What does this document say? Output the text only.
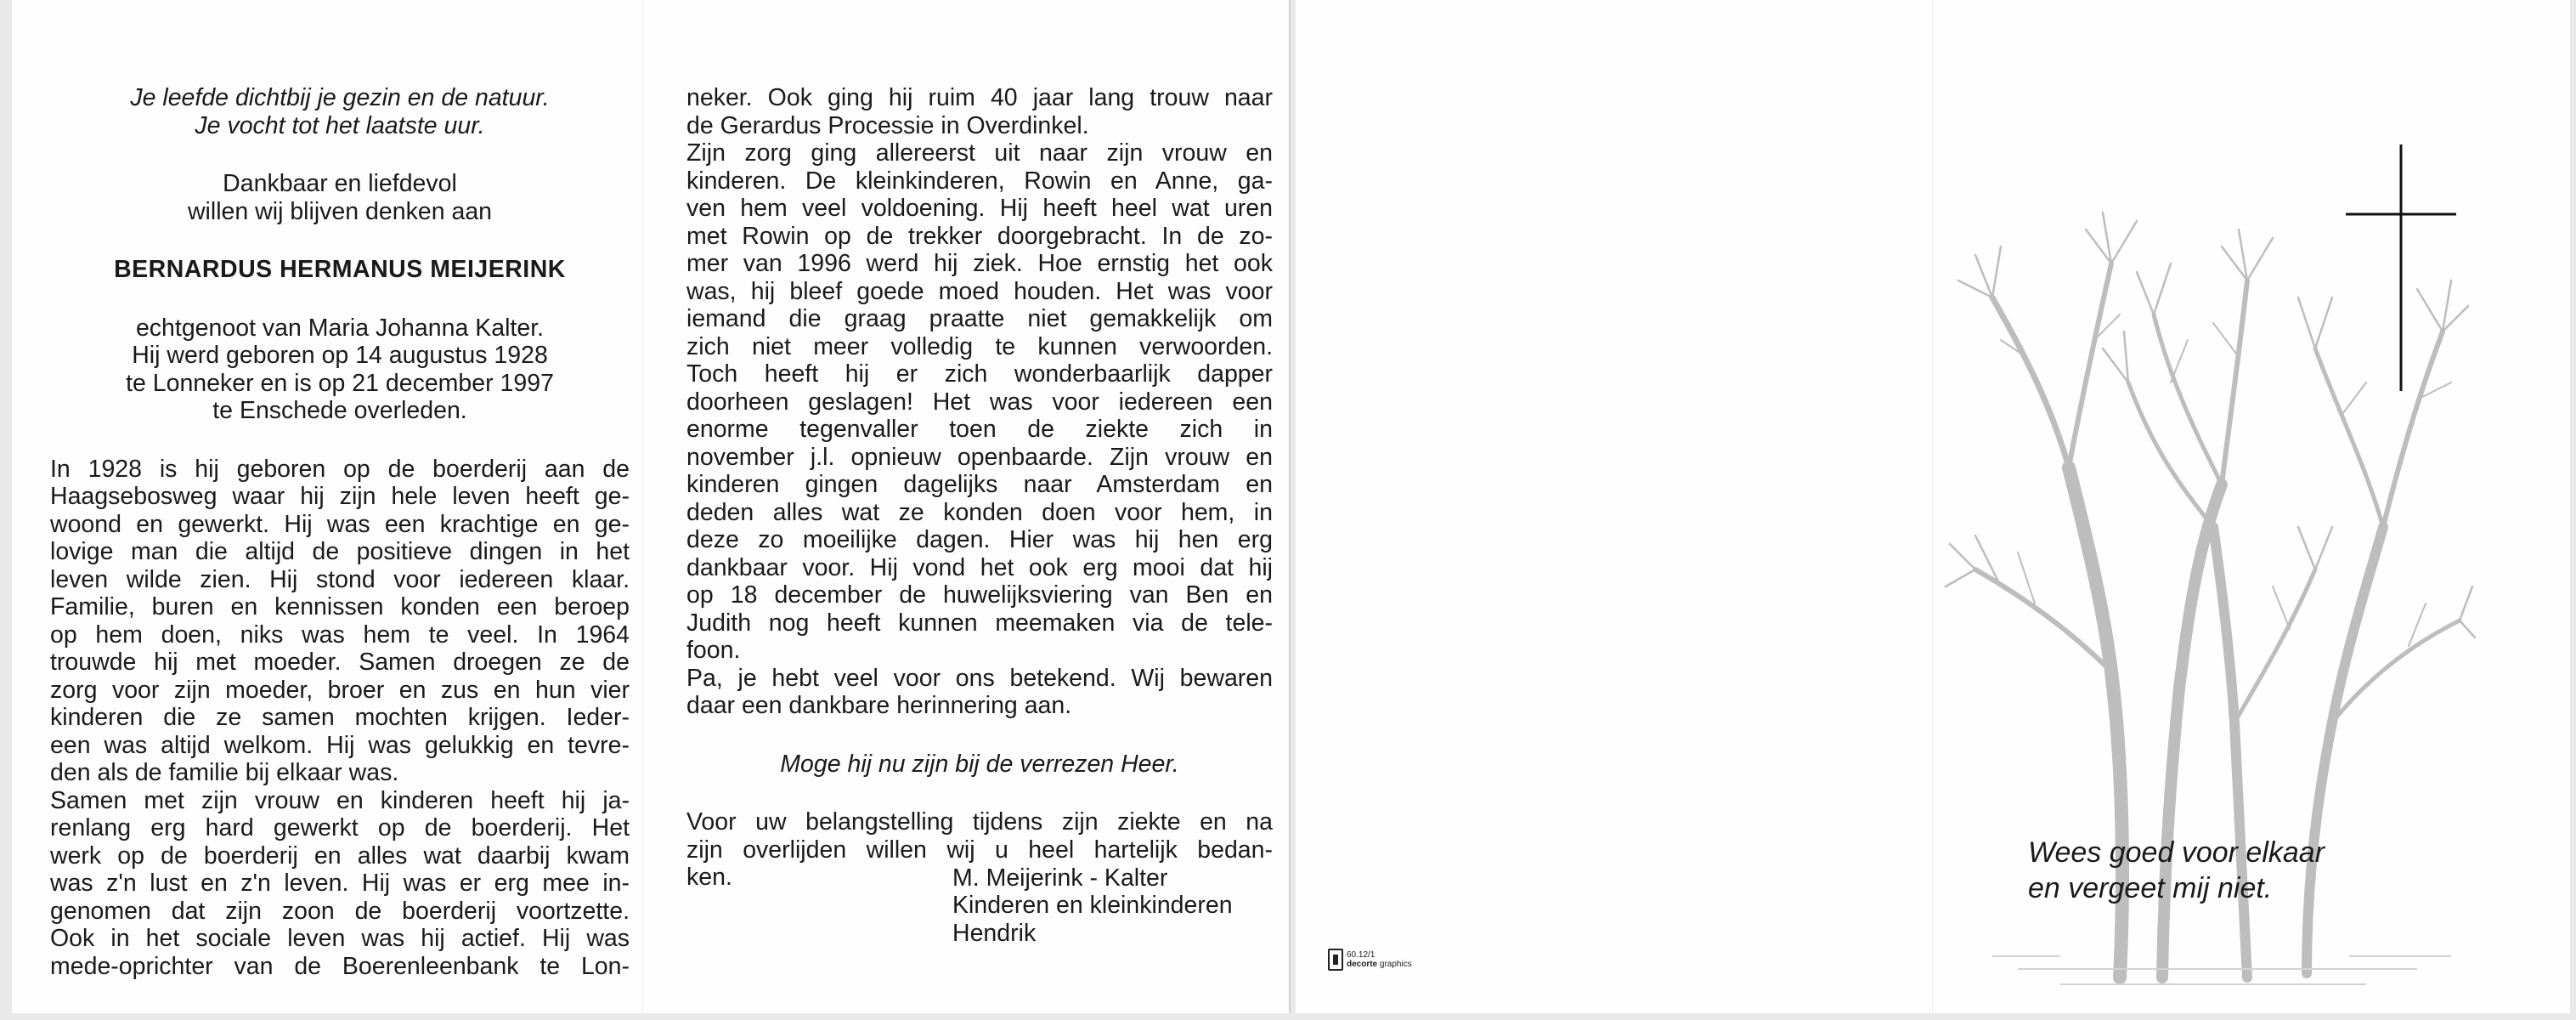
Je leefde dichtbij je gezin en de natuur.

Je vocht tot het laatste uur.

Dankbaar en liefdevol

willen wij blijven denken aan

BERNARDUS HERMANUS MEIJERINK

echtgenoot van Maria Johanna Kalter.

Hij werd geboren op 14 augustus 1928

te Lonneker en is op 21 december 1997

te Enschede overleden.

In 1928 is hij geboren op de boerderij aan de

Haagsebosweg waar hij zijn hele leven heeft ge-

woond en gewerkt. Hij was een krachtige en ge-

lovige man die altijd de positieve dingen in het

leven wilde zien. Hij stond voor iedereen klaar.

Familie, buren en kennissen konden een beroep

op hem doen, niks was hem te veel. In 1964

trouwde hij met moeder. Samen droegen ze de

zorg voor zijn moeder, broer en zus en hun vier

kinderen die ze samen mochten krijgen. Ieder-

een was altijd welkom. Hij was gelukkig en tevre-

den als de familie bij elkaar was.

Samen met zijn vrouw en kinderen heeft hij ja-

renlang erg hard gewerkt op de boerderij. Het

werk op de boerderij en alles wat daarbij kwam

was z'n lust en z'n leven. Hij was er erg mee in-

genomen dat zijn zoon de boerderij voortzette.

Ook in het sociale leven was hij actief. Hij was

mede-oprichter van de Boerenleenbank te Lon-

neker. Ook ging hij ruim 40 jaar lang trouw naar

de Gerardus Processie in Overdinkel.

Zijn zorg ging allereerst uit naar zijn vrouw en

kinderen. De kleinkinderen, Rowin en Anne, ga-

ven hem veel voldoening. Hij heeft heel wat uren

met Rowin op de trekker doorgebracht. In de zo-

mer van 1996 werd hij ziek. Hoe ernstig het ook

was, hij bleef goede moed houden. Het was voor

iemand die graag praatte niet gemakkelijk om

zich niet meer volledig te kunnen verwoorden.

Toch heeft hij er zich wonderbaarlijk dapper

doorheen geslagen! Het was voor iedereen een

enorme tegenvaller toen de ziekte zich in

november j.l. opnieuw openbaarde. Zijn vrouw en

kinderen gingen dagelijks naar Amsterdam en

deden alles wat ze konden doen voor hem, in

deze zo moeilijke dagen. Hier was hij hen erg

dankbaar voor. Hij vond het ook erg mooi dat hij

op 18 december de huwelijksviering van Ben en

Judith nog heeft kunnen meemaken via de tele-

foon.

Pa, je hebt veel voor ons betekend. Wij bewaren

daar een dankbare herinnering aan.

Moge hij nu zijn bij de verrezen Heer.

Voor uw belangstelling tijdens zijn ziekte en na

zijn overlijden willen wij u heel hartelijk bedan-

ken.	M. Meijerink - Kalter

Kinderen en kleinkinderen

Hendrik

Wees goed voor elkaar
en vergeet mij niet.
60.12/1
decorte graphics
